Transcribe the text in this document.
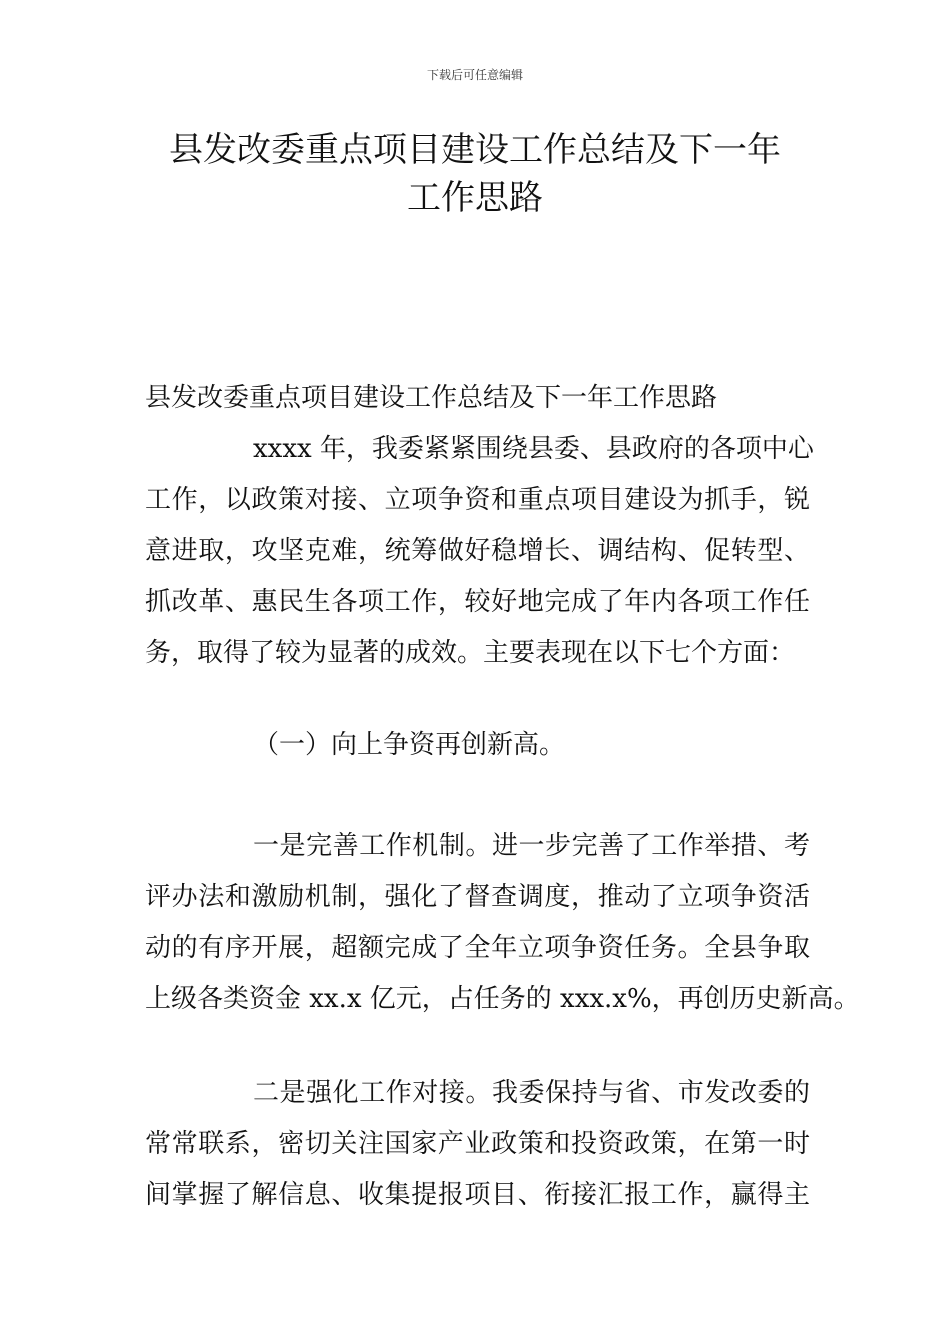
下载后可任意编辑
县发改委重点项目建设工作总结及下一年
工作思路
县发改委重点项目建设工作总结及下一年工作思路
xxxx 年，我委紧紧围绕县委、县政府的各项中心
工作，以政策对接、立项争资和重点项目建设为抓手，锐
意进取，攻坚克难，统筹做好稳增长、调结构、促转型、
抓改革、惠民生各项工作，较好地完成了年内各项工作任
务，取得了较为显著的成效。主要表现在以下七个方面：
（一）向上争资再创新高。
一是完善工作机制。进一步完善了工作举措、考
评办法和激励机制，强化了督查调度，推动了立项争资活
动的有序开展，超额完成了全年立项争资任务。全县争取
上级各类资金 xx.x 亿元，占任务的 xxx.x%，再创历史新高。
二是强化工作对接。我委保持与省、市发改委的
常常联系，密切关注国家产业政策和投资政策，在第一时
间掌握了解信息、收集提报项目、衔接汇报工作，赢得主
